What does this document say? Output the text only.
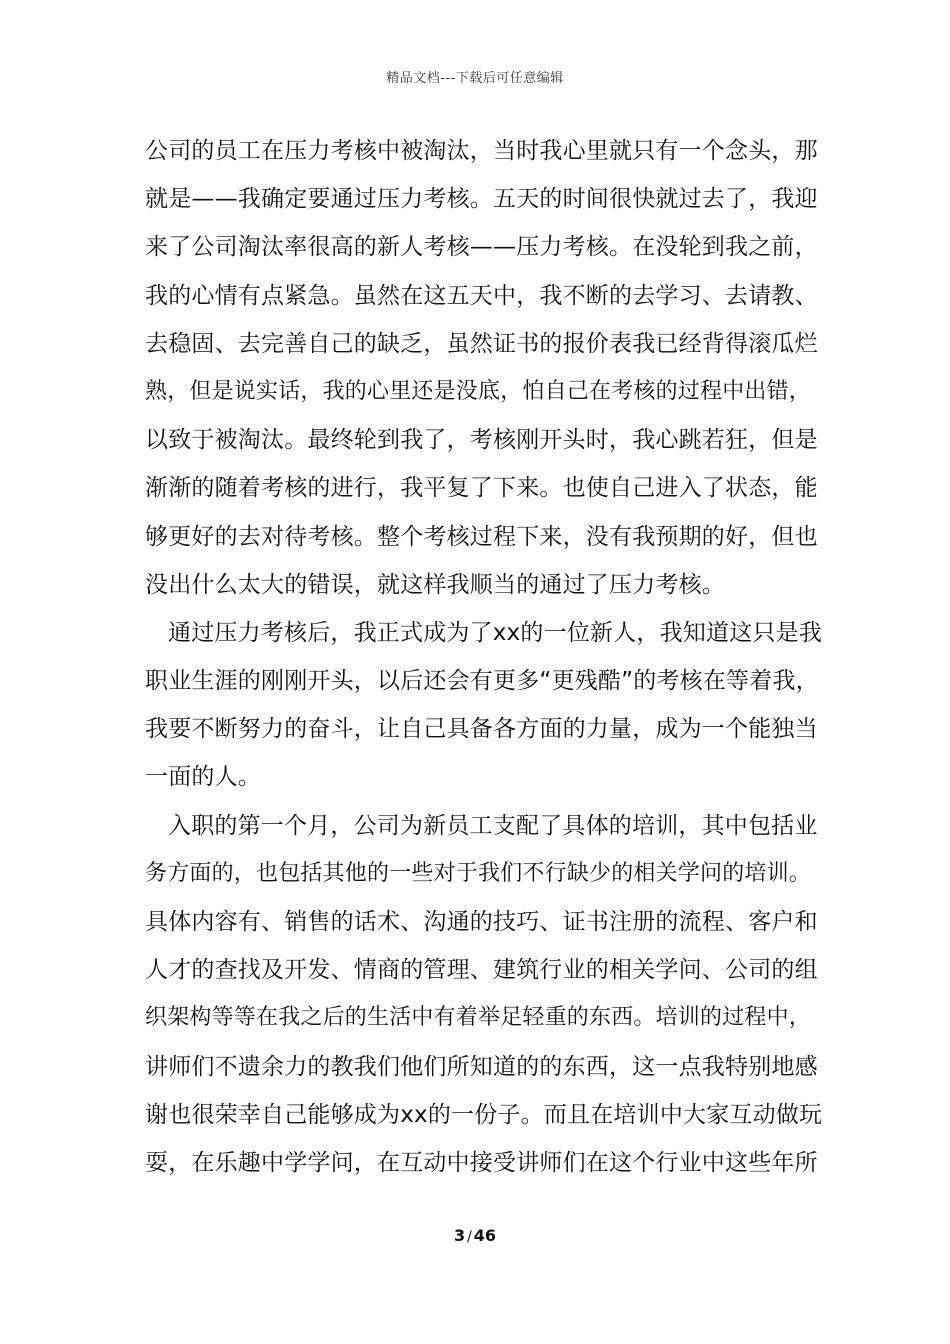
精品文档---下载后可任意编辑
公司的员工在压力考核中被淘汰，当时我心里就只有一个念头，那
就是——我确定要通过压力考核。五天的时间很快就过去了，我迎
来了公司淘汰率很高的新人考核——压力考核。在没轮到我之前，
我的心情有点紧急。虽然在这五天中，我不断的去学习、去请教、
去稳固、去完善自己的缺乏，虽然证书的报价表我已经背得滚瓜烂
熟，但是说实话，我的心里还是没底，怕自己在考核的过程中出错，
以致于被淘汰。最终轮到我了，考核刚开头时，我心跳若狂，但是
渐渐的随着考核的进行，我平复了下来。也使自己进入了状态，能
够更好的去对待考核。整个考核过程下来，没有我预期的好，但也
没出什么太大的错误，就这样我顺当的通过了压力考核。
通过压力考核后，我正式成为了xx的一位新人，我知道这只是我
职业生涯的刚刚开头，以后还会有更多“更残酷”的考核在等着我，
我要不断努力的奋斗，让自己具备各方面的力量，成为一个能独当
一面的人。
入职的第一个月，公司为新员工支配了具体的培训，其中包括业
务方面的，也包括其他的一些对于我们不行缺少的相关学问的培训。
具体内容有、销售的话术、沟通的技巧、证书注册的流程、客户和
人才的查找及开发、情商的管理、建筑行业的相关学问、公司的组
织架构等等在我之后的生活中有着举足轻重的东西。培训的过程中，
讲师们不遗余力的教我们他们所知道的的东西，这一点我特别地感
谢也很荣幸自己能够成为xx的一份子。而且在培训中大家互动做玩
耍，在乐趣中学学问，在互动中接受讲师们在这个行业中这些年所
3 / 46
